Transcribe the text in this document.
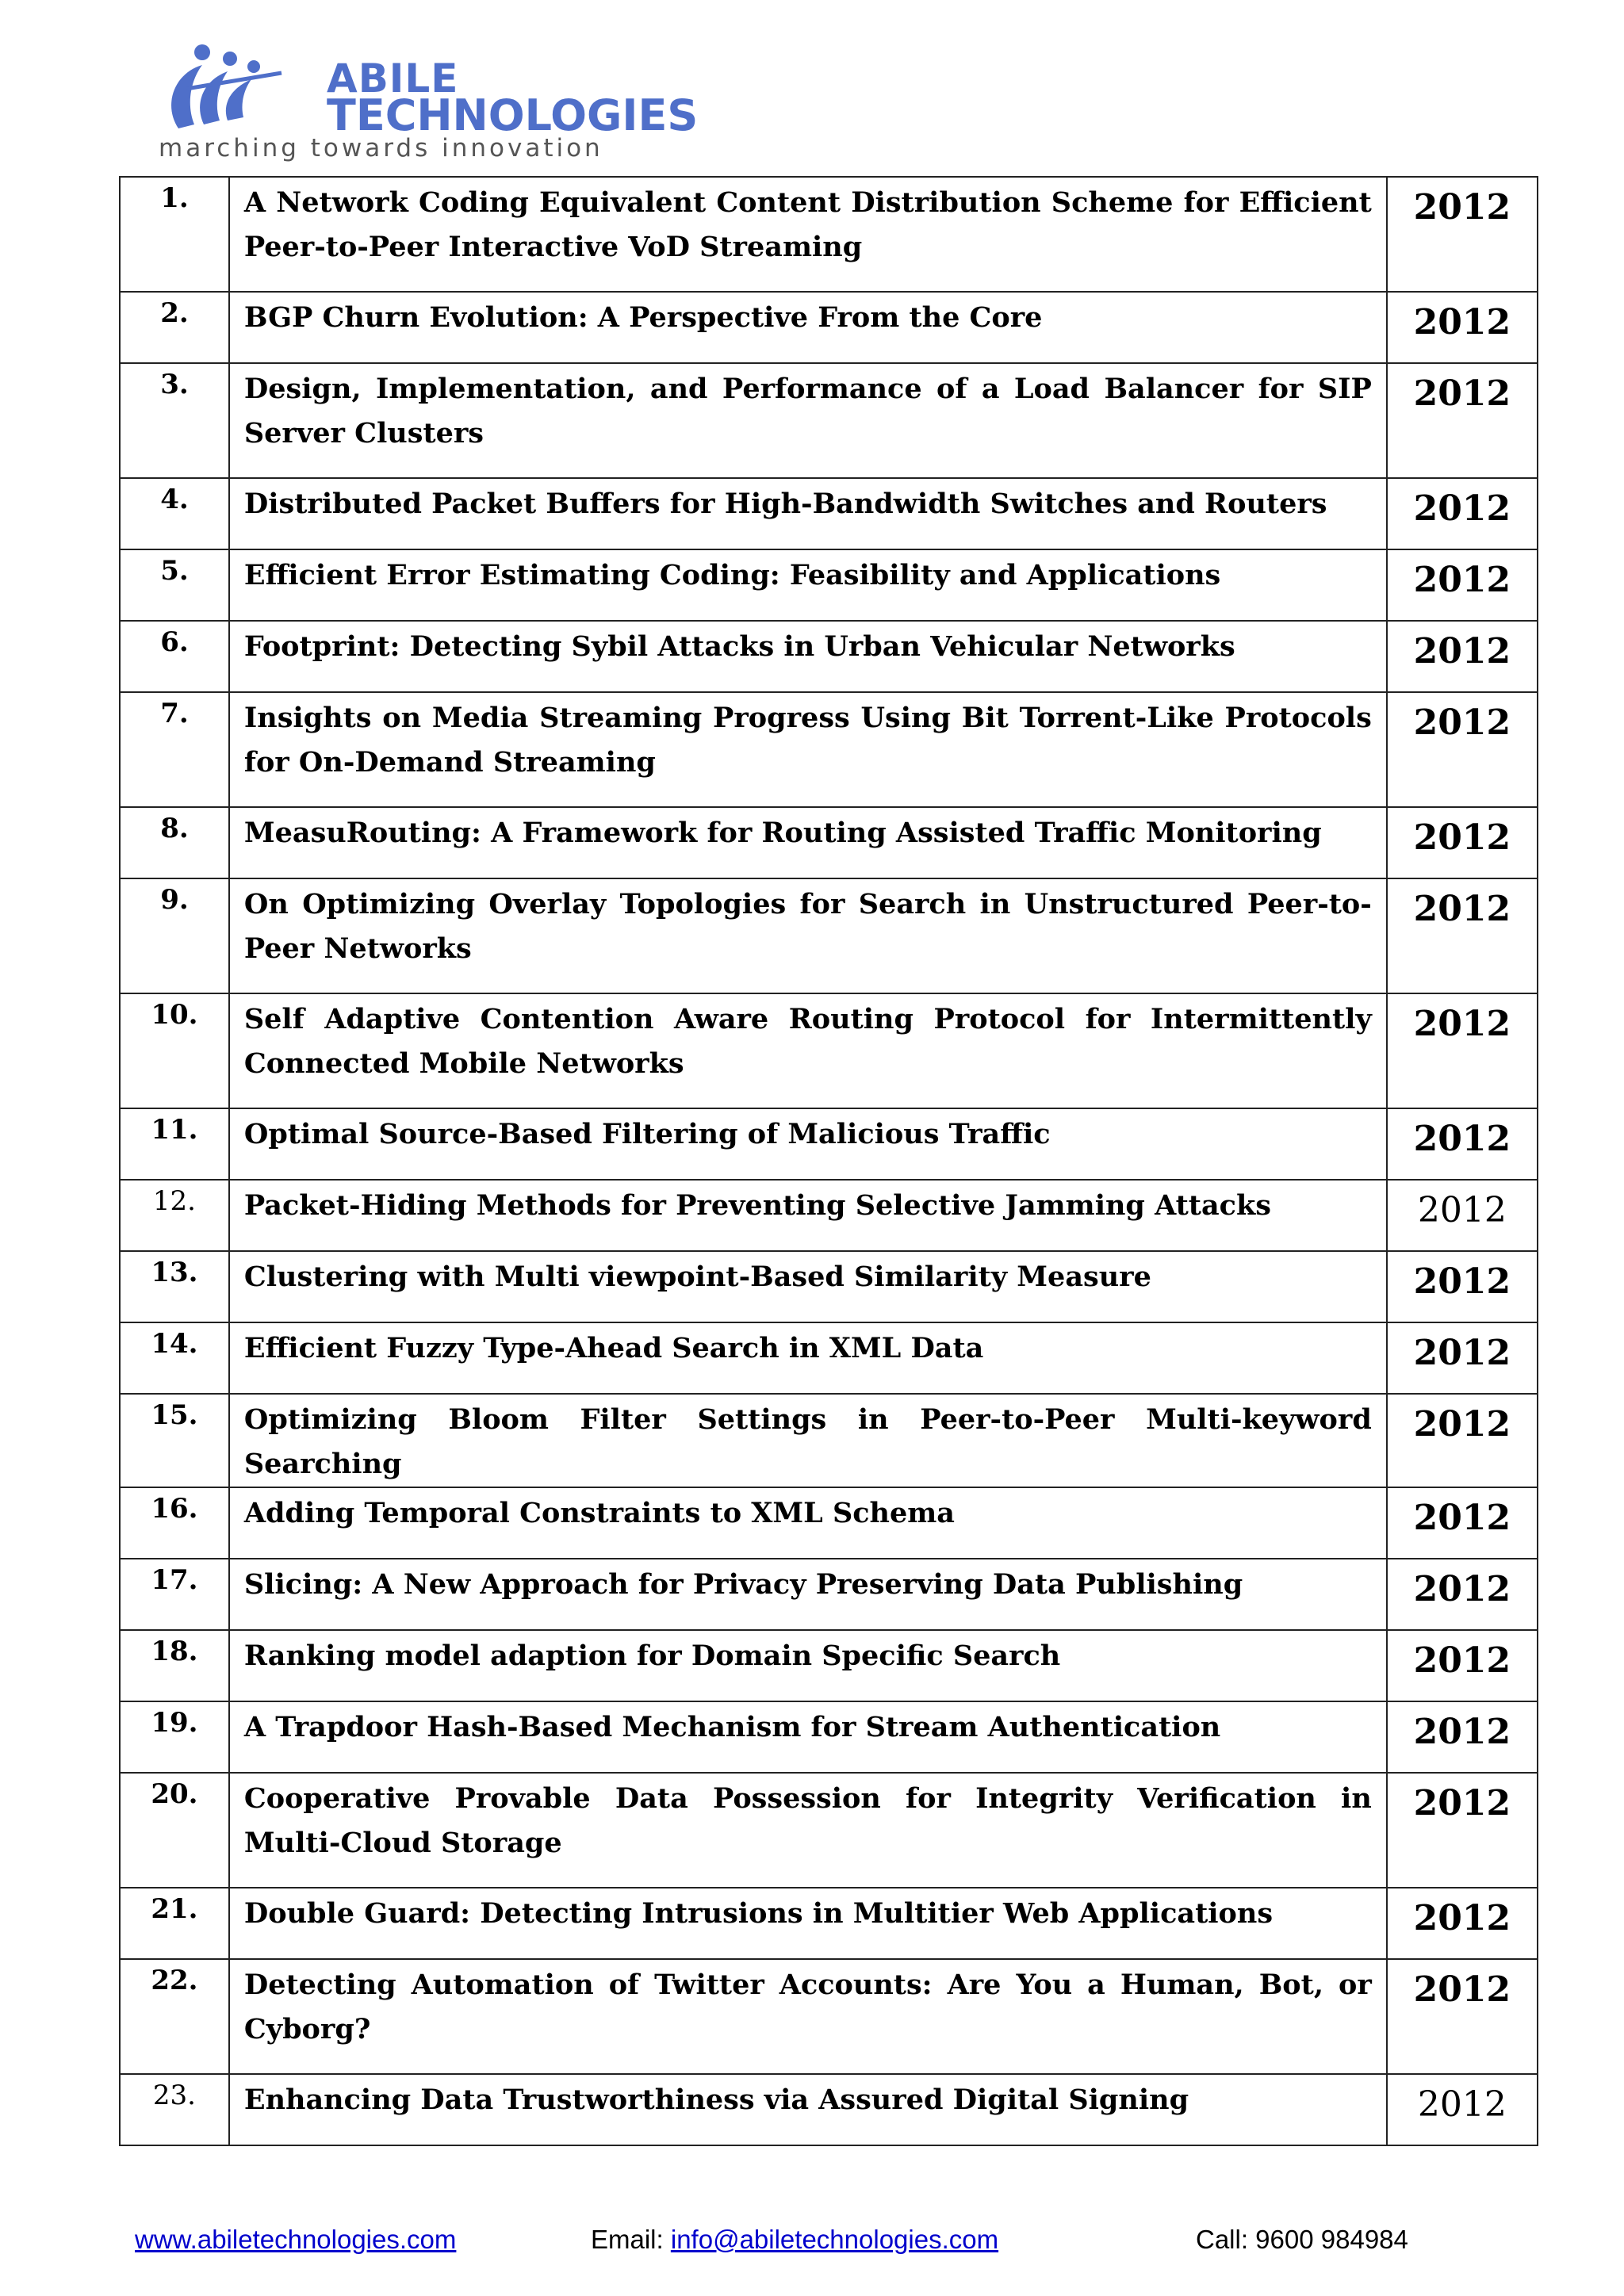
ABILE
TECHNOLOGIES
marching towards innovation
1.	A Network Coding Equivalent Content Distribution Scheme for Efficient Peer-to-Peer Interactive VoD Streaming	2012
2.	BGP Churn Evolution: A Perspective From the Core	2012
3.	Design, Implementation, and Performance of a Load Balancer for SIP Server Clusters	2012
4.	Distributed Packet Buffers for High-Bandwidth Switches and Routers	2012
5.	Efficient Error Estimating Coding: Feasibility and Applications	2012
6.	Footprint: Detecting Sybil Attacks in Urban Vehicular Networks	2012
7.	Insights on Media Streaming Progress Using Bit Torrent-Like Protocols for On-Demand Streaming	2012
8.	MeasuRouting: A Framework for Routing Assisted Traffic Monitoring	2012
9.	On Optimizing Overlay Topologies for Search in Unstructured Peer-to-Peer Networks	2012
10.	Self Adaptive Contention Aware Routing Protocol for Intermittently Connected Mobile Networks	2012
11.	Optimal Source-Based Filtering of Malicious Traffic	2012
12.	Packet-Hiding Methods for Preventing Selective Jamming Attacks	2012
13.	Clustering with Multi viewpoint-Based Similarity Measure	2012
14.	Efficient Fuzzy Type-Ahead Search in XML Data	2012
15.	Optimizing Bloom Filter Settings in Peer-to-Peer Multi-keyword Searching	2012
16.	Adding Temporal Constraints to XML Schema	2012
17.	Slicing: A New Approach for Privacy Preserving Data Publishing	2012
18.	Ranking model adaption for Domain Specific Search	2012
19.	A Trapdoor Hash-Based Mechanism for Stream Authentication	2012
20.	Cooperative Provable Data Possession for Integrity Verification in Multi-Cloud Storage	2012
21.	Double Guard: Detecting Intrusions in Multitier Web Applications	2012
22.	Detecting Automation of Twitter Accounts: Are You a Human, Bot, or Cyborg?	2012
23.	Enhancing Data Trustworthiness via Assured Digital Signing	2012
www.abiletechnologies.com	Email: info@abiletechnologies.com	Call: 9600 984984
